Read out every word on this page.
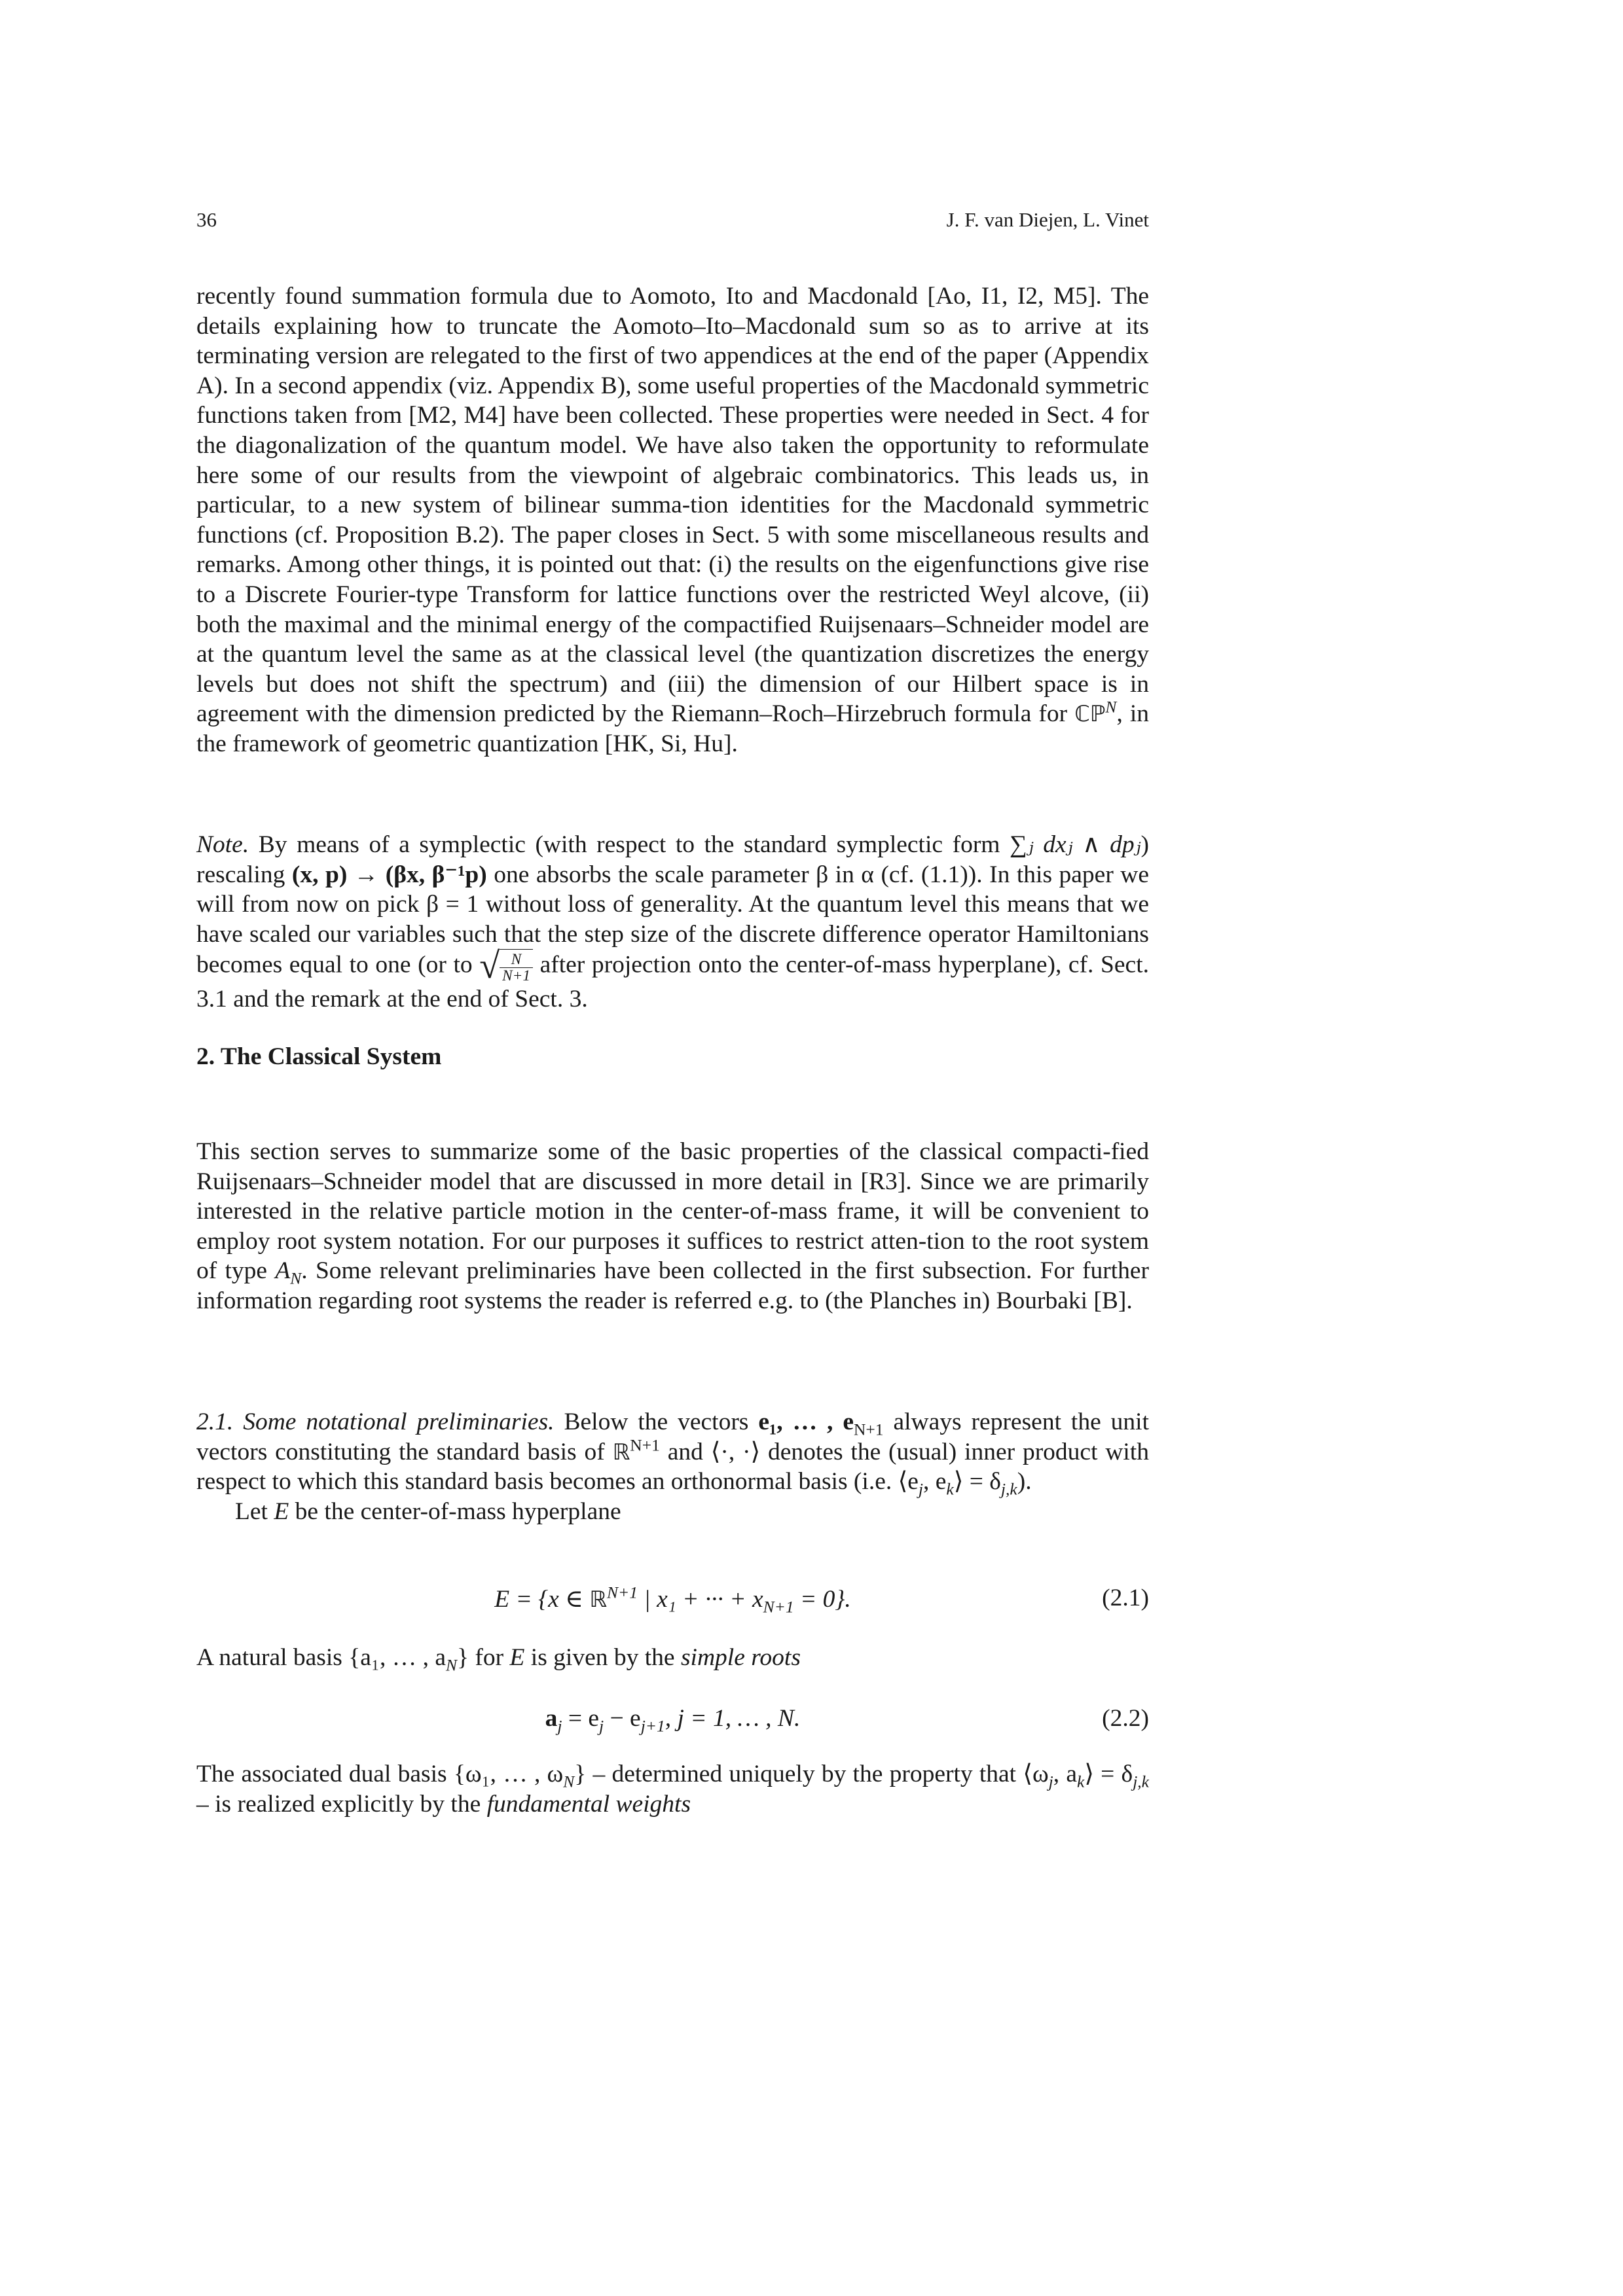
36	J. F. van Diejen, L. Vinet

recently found summation formula due to Aomoto, Ito and Macdonald [Ao, I1, I2, M5]. The details explaining how to truncate the Aomoto–Ito–Macdonald sum so as to arrive at its terminating version are relegated to the first of two appendices at the end of the paper (Appendix A). In a second appendix (viz. Appendix B), some useful properties of the Macdonald symmetric functions taken from [M2, M4] have been collected. These properties were needed in Sect. 4 for the diagonalization of the quantum model. We have also taken the opportunity to reformulate here some of our results from the viewpoint of algebraic combinatorics. This leads us, in particular, to a new system of bilinear summa-tion identities for the Macdonald symmetric functions (cf. Proposition B.2). The paper closes in Sect. 5 with some miscellaneous results and remarks. Among other things, it is pointed out that: (i) the results on the eigenfunctions give rise to a Discrete Fourier-type Transform for lattice functions over the restricted Weyl alcove, (ii) both the maximal and the minimal energy of the compactified Ruijsenaars–Schneider model are at the quantum level the same as at the classical level (the quantization discretizes the energy levels but does not shift the spectrum) and (iii) the dimension of our Hilbert space is in agreement with the dimension predicted by the Riemann–Roch–Hirzebruch formula for ℂℙ$^N$, in the framework of geometric quantization [HK, Si, Hu].

Note. By means of a symplectic (with respect to the standard symplectic form ∑ⱼ dxⱼ ∧ dpⱼ) rescaling (x, p) → (βx, β⁻¹p) one absorbs the scale parameter β in α (cf. (1.1)). In this paper we will from now on pick β = 1 without loss of generality. At the quantum level this means that we have scaled our variables such that the step size of the discrete difference operator Hamiltonians becomes equal to one (or to √ $\frac{N}{N+1}$ after projection onto the center-of-mass hyperplane), cf. Sect. 3.1 and the remark at the end of Sect. 3.

2. The Classical System

This section serves to summarize some of the basic properties of the classical compacti-fied Ruijsenaars–Schneider model that are discussed in more detail in [R3]. Since we are primarily interested in the relative particle motion in the center-of-mass frame, it will be convenient to employ root system notation. For our purposes it suffices to restrict atten-tion to the root system of type $A_N$. Some relevant preliminaries have been collected in the first subsection. For further information regarding root systems the reader is referred e.g. to (the Planches in) Bourbaki [B].

2.1. Some notational preliminaries. Below the vectors e₁, … , $e_{N+1}$ always represent the unit vectors constituting the standard basis of ℝ$^{N+1}$ and ⟨·, ·⟩ denotes the (usual) inner product with respect to which this standard basis becomes an orthonormal basis (i.e. $⟨e_j$, $e_k⟩ = \delta_{j,k}$).

Let E be the center-of-mass hyperplane

E = {x ∈ ℝ$^{N+1}$ | x₁ + ··· + $x_{N+1} = 0$}.	(2.1)

A natural basis {a₁, … , $a_N$} for E is given by the simple roots

$a_j = e_j - e_{j+1}$, j = 1, … , N.	(2.2)

The associated dual basis {ω₁, … , $\omega_N$} – determined uniquely by the property that $⟨\omega_j$, $a_k⟩ = \delta_{j,k}$ – is realized explicitly by the fundamental weights
